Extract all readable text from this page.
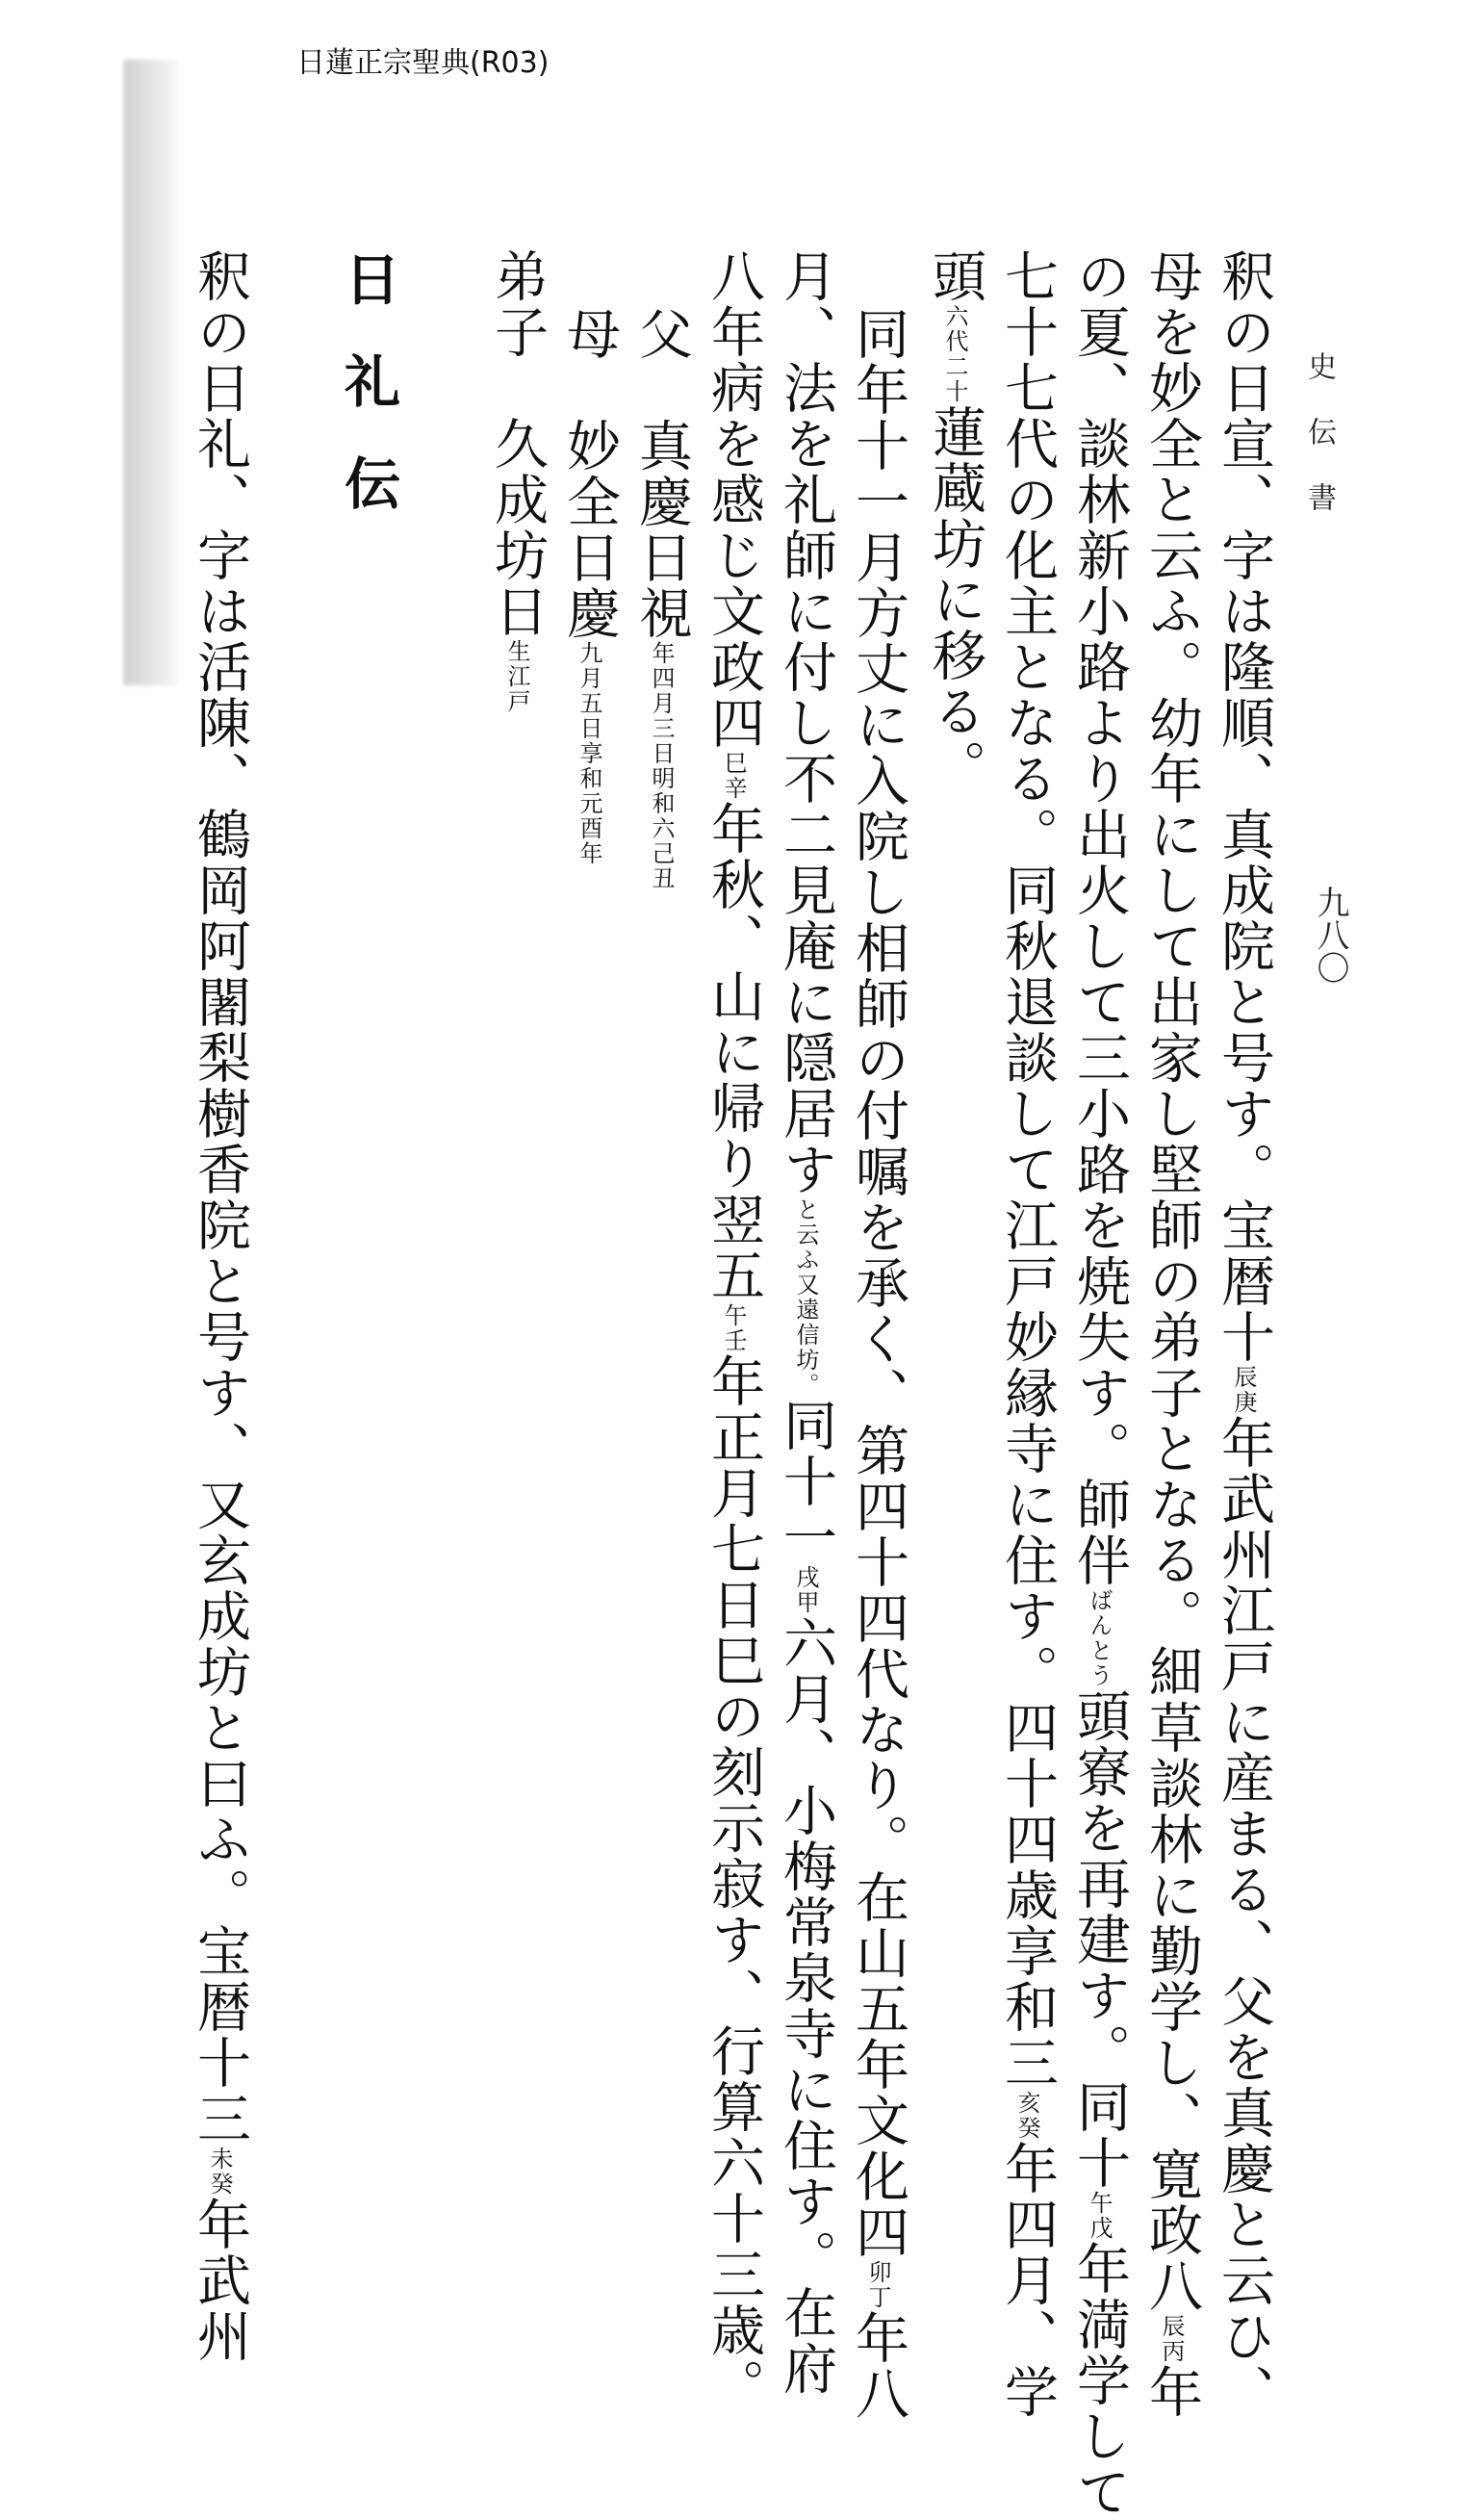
日蓮正宗聖典(R03)
史伝書
九八〇
釈の日宣、字は隆順、真成院と号す。宝暦十
庚
辰
年武州江戸に産まる、父を真慶と云ひ、
母を妙全と云ふ。幼年にして出家し堅師の弟子となる。細草談林に勤学し、寛政八
丙
辰
年
の夏、談林新小路より出火して三小路を焼失す。師伴
ばんとう
頭寮を再建す。同十
戊
午
年満学して
七十七代の化主となる。同秋退談して江戸妙縁寺に住す。四十四歳享和三
癸
亥
年四月、学
頭
二十
六代
蓮蔵坊に移る。
同年十一月方丈に入院し相師の付嘱を承く、第四十四代なり。在山五年文化四
丁
卯
年八
月、法を礼師に付し不二見庵に隠居す
又遠信坊。
と云ふ
同十一
甲
戌
六月、小梅常泉寺に住す。在府
八年病を感じ文政四
辛
巳
年秋、山に帰り翌五
壬
午
年正月七日巳の刻示寂す、行算六十三歳。
父　真慶日視
明和六己丑
年四月三日
母　妙全日慶
享和元酉年
九月五日
弟子　久成坊日
江戸
生
日礼伝
釈の日礼、字は活陳、鶴岡阿闍梨樹香院と号す、又玄成坊と曰ふ。宝暦十三
癸
未
年武州
